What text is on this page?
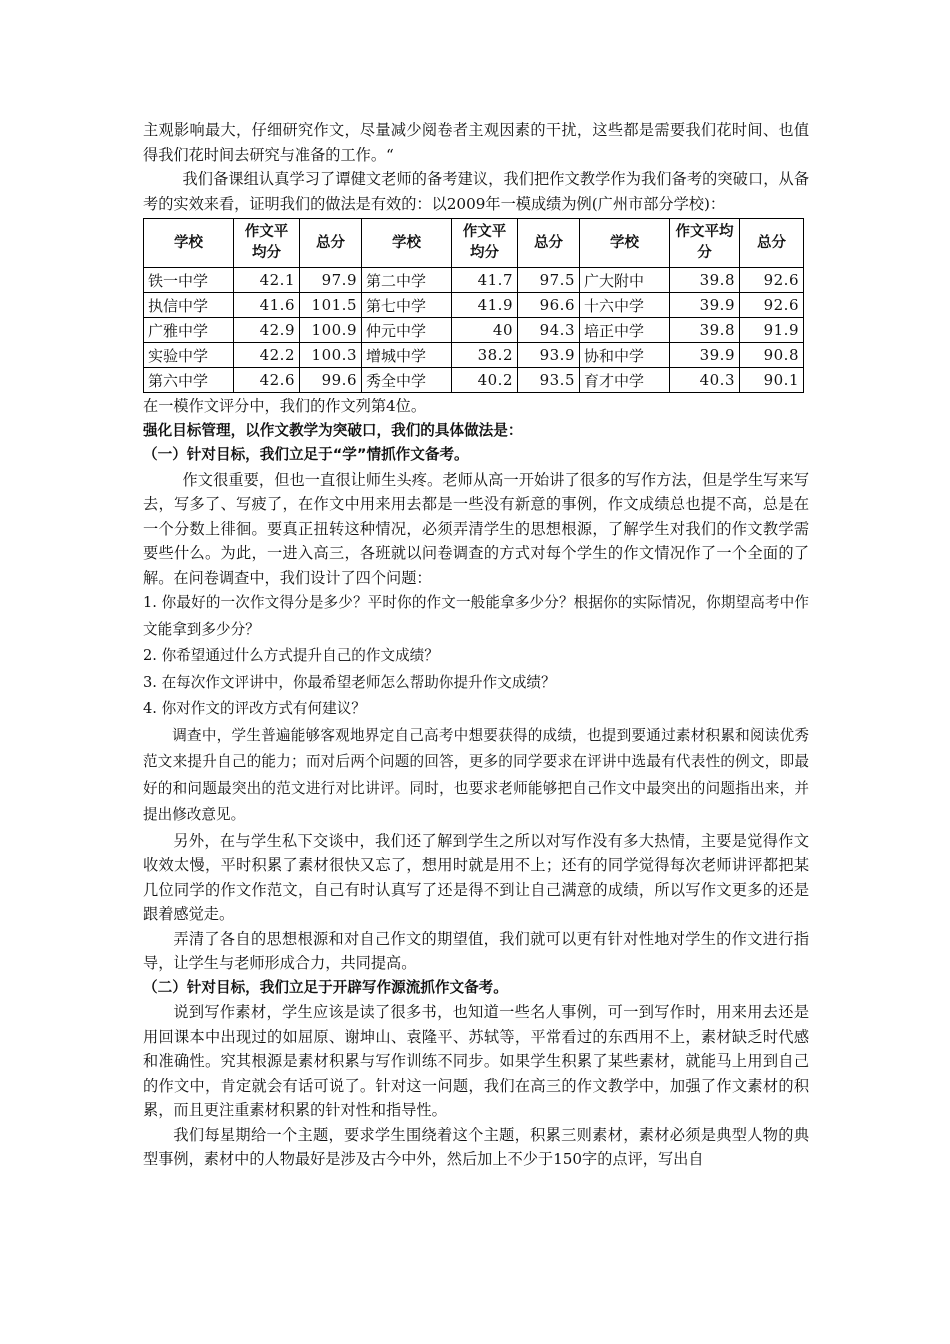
主观影响最大，仔细研究作文，尽量减少阅卷者主观因素的干扰，这些都是需要我们花时间、也值得我们花时间去研究与准备的工作。“

我们备课组认真学习了谭健文老师的备考建议，我们把作文教学作为我们备考的突破口，从备考的实效来看，证明我们的做法是有效的：以2009年一模成绩为例(广州市部分学校)：

学校	作文平均分	总分	学校	作文平均分	总分	学校	作文平均分	总分
铁一中学	42.1	97.9	第二中学	41.7	97.5	广大附中	39.8	92.6
执信中学	41.6	101.5	第七中学	41.9	96.6	十六中学	39.9	92.6
广雅中学	42.9	100.9	仲元中学	40	94.3	培正中学	39.8	91.9
实验中学	42.2	100.3	增城中学	38.2	93.9	协和中学	39.9	90.8
第六中学	42.6	99.6	秀全中学	40.2	93.5	育才中学	40.3	90.1

在一模作文评分中，我们的作文列第4位。

强化目标管理，以作文教学为突破口，我们的具体做法是：

（一）针对目标，我们立足于“学”情抓作文备考。

作文很重要，但也一直很让师生头疼。老师从高一开始讲了很多的写作方法，但是学生写来写去，写多了、写疲了，在作文中用来用去都是一些没有新意的事例，作文成绩总也提不高，总是在一个分数上徘徊。要真正扭转这种情况，必须弄清学生的思想根源，了解学生对我们的作文教学需要些什么。为此，一进入高三，各班就以问卷调查的方式对每个学生的作文情况作了一个全面的了解。在问卷调查中，我们设计了四个问题：

1. 你最好的一次作文得分是多少？平时你的作文一般能拿多少分？根据你的实际情况，你期望高考中作文能拿到多少分？

2. 你希望通过什么方式提升自己的作文成绩？

3. 在每次作文评讲中，你最希望老师怎么帮助你提升作文成绩？

4. 你对作文的评改方式有何建议？

调查中，学生普遍能够客观地界定自己高考中想要获得的成绩，也提到要通过素材积累和阅读优秀范文来提升自己的能力；而对后两个问题的回答，更多的同学要求在评讲中选最有代表性的例文，即最好的和问题最突出的范文进行对比讲评。同时，也要求老师能够把自己作文中最突出的问题指出来，并提出修改意见。

另外，在与学生私下交谈中，我们还了解到学生之所以对写作没有多大热情，主要是觉得作文收效太慢，平时积累了素材很快又忘了，想用时就是用不上；还有的同学觉得每次老师讲评都把某几位同学的作文作范文，自己有时认真写了还是得不到让自己满意的成绩，所以写作文更多的还是跟着感觉走。

弄清了各自的思想根源和对自己作文的期望值，我们就可以更有针对性地对学生的作文进行指导，让学生与老师形成合力，共同提高。

（二）针对目标，我们立足于开辟写作源流抓作文备考。

说到写作素材，学生应该是读了很多书，也知道一些名人事例，可一到写作时，用来用去还是用回课本中出现过的如屈原、谢坤山、袁隆平、苏轼等，平常看过的东西用不上，素材缺乏时代感和准确性。究其根源是素材积累与写作训练不同步。如果学生积累了某些素材，就能马上用到自己的作文中，肯定就会有话可说了。针对这一问题，我们在高三的作文教学中，加强了作文素材的积累，而且更注重素材积累的针对性和指导性。

我们每星期给一个主题，要求学生围绕着这个主题，积累三则素材，素材必须是典型人物的典型事例，素材中的人物最好是涉及古今中外，然后加上不少于150字的点评，写出自
